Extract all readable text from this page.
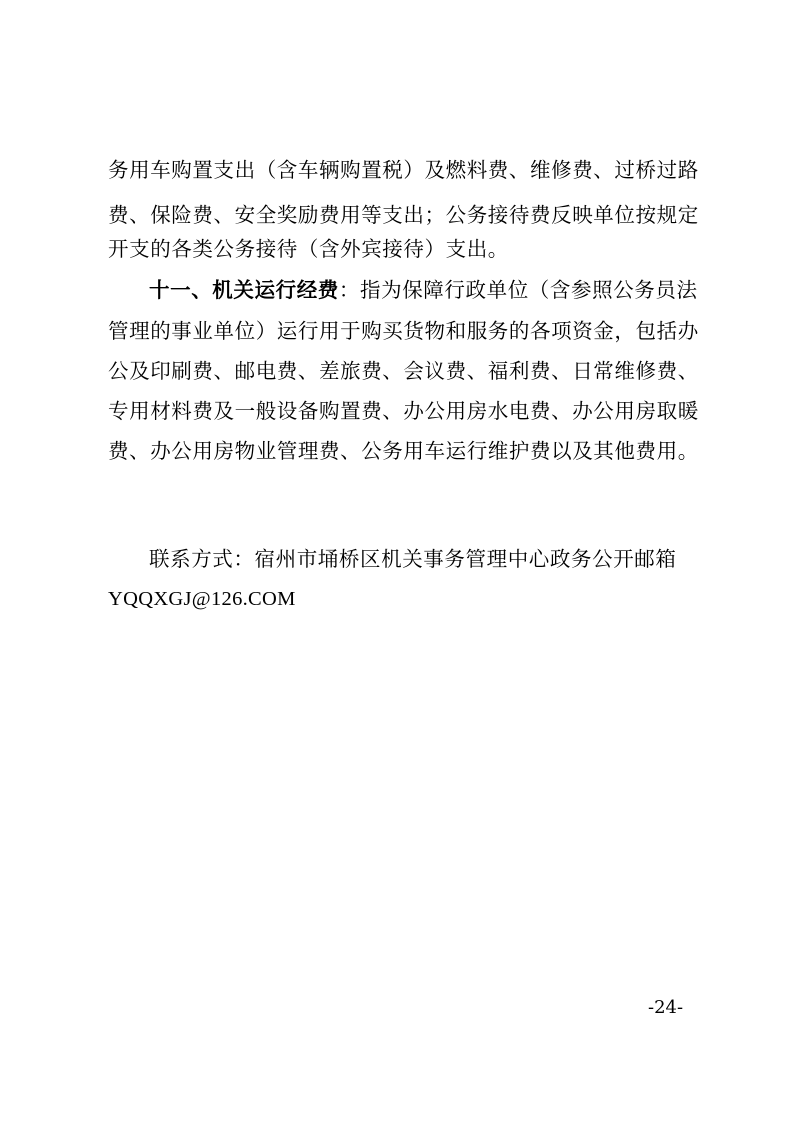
务用车购置支出（含车辆购置税）及燃料费、维修费、过桥过路
费、保险费、安全奖励费用等支出；公务接待费反映单位按规定
开支的各类公务接待（含外宾接待）支出。
十一、机关运行经费：指为保障行政单位（含参照公务员法
管理的事业单位）运行用于购买货物和服务的各项资金，包括办
公及印刷费、邮电费、差旅费、会议费、福利费、日常维修费、
专用材料费及一般设备购置费、办公用房水电费、办公用房取暖
费、办公用房物业管理费、公务用车运行维护费以及其他费用。
联系方式：宿州市埇桥区机关事务管理中心政务公开邮箱
YQQXGJ@126.COM
-24-
